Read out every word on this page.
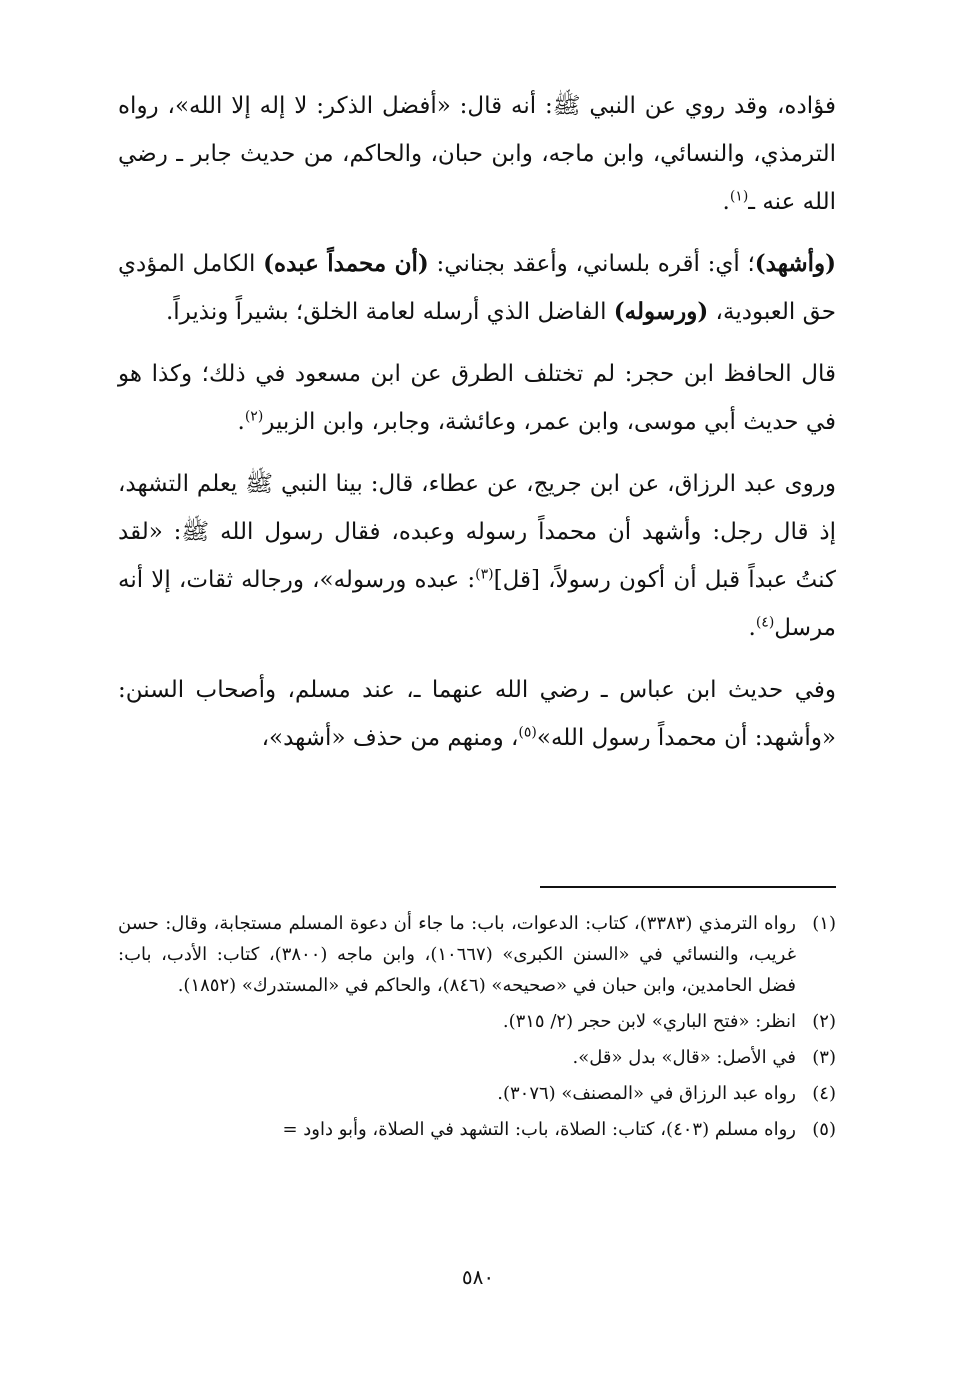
فؤاده، وقد روي عن النبي ﷺ: أنه قال: «أفضل الذكر: لا إله إلا الله»، رواه الترمذي، والنسائي، وابن ماجه، وابن حبان، والحاكم، من حديث جابر ـ رضي الله عنه ـ$^{(١)}$.

(وأشهد)؛ أي: أقره بلساني، وأعقد بجناني: (أن محمداً عبده) الكامل المؤدي حق العبودية، (ورسوله) الفاضل الذي أرسله لعامة الخلق؛ بشيراً ونذيراً.

قال الحافظ ابن حجر: لم تختلف الطرق عن ابن مسعود في ذلك؛ وكذا هو في حديث أبي موسى، وابن عمر، وعائشة، وجابر، وابن الزبير$^{(٢)}$.

وروى عبد الرزاق، عن ابن جريج، عن عطاء، قال: بينا النبي ﷺ يعلم التشهد، إذ قال رجل: وأشهد أن محمداً رسوله وعبده، فقال رسول الله ﷺ: «لقد كنتُ عبداً قبل أن أكون رسولاً، [قل]$^{(٣)}$: عبده ورسوله»، ورجاله ثقات، إلا أنه مرسل$^{(٤)}$.

وفي حديث ابن عباس ـ رضي الله عنهما ـ، عند مسلم، وأصحاب السنن: «وأشهد: أن محمداً رسول الله»$^{(٥)}$، ومنهم من حذف «أشهد»،

(١)
رواه الترمذي (٣٣٨٣)، كتاب: الدعوات، باب: ما جاء أن دعوة المسلم مستجابة، وقال: حسن غريب، والنسائي في «السنن الكبرى» (١٠٦٦٧)، وابن ماجه (٣٨٠٠)، كتاب: الأدب، باب: فضل الحامدين، وابن حبان في «صحيحه» (٨٤٦)، والحاكم في «المستدرك» (١٨٥٢).
(٢)
انظر: «فتح الباري» لابن حجر (٢/ ٣١٥).
(٣)
في الأصل: «قال» بدل «قل».
(٤)
رواه عبد الرزاق في «المصنف» (٣٠٧٦).
(٥)
رواه مسلم (٤٠٣)، كتاب: الصلاة، باب: التشهد في الصلاة، وأبو داود =
٥٨٠
